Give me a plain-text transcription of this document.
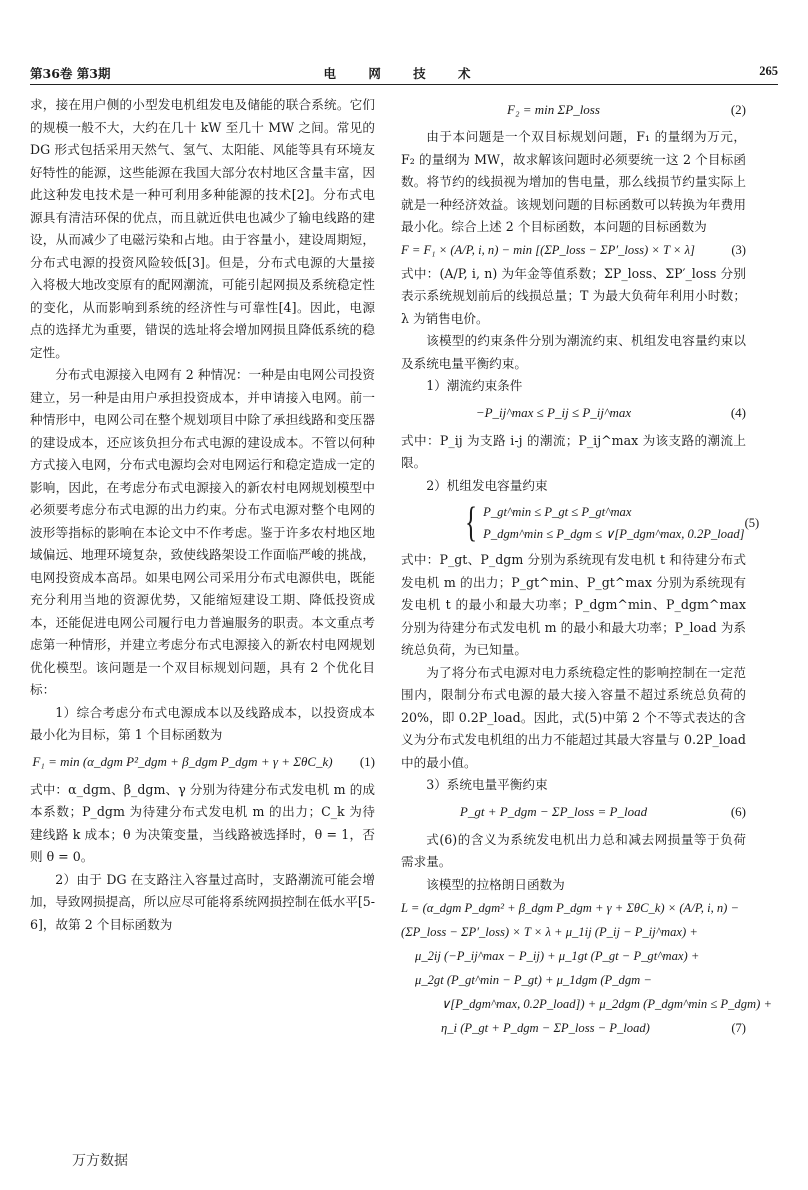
第36卷 第3期	电 网 技 术	265

求，接在用户侧的小型发电机组发电及储能的联合系统。它们的规模一般不大，大约在几十 kW 至几十 MW 之间。常见的 DG 形式包括采用天然气、氢气、太阳能、风能等具有环境友好特性的能源，这些能源在我国大部分农村地区含量丰富，因此这种发电技术是一种可利用多种能源的技术[2]。分布式电源具有清洁环保的优点，而且就近供电也减少了输电线路的建设，从而减少了电磁污染和占地。由于容量小，建设周期短，分布式电源的投资风险较低[3]。但是，分布式电源的大量接入将极大地改变原有的配网潮流，可能引起网损及系统稳定性的变化，从而影响到系统的经济性与可靠性[4]。因此，电源点的选择尤为重要，错误的选址将会增加网损且降低系统的稳定性。

分布式电源接入电网有 2 种情况：一种是由电网公司投资建立，另一种是由用户承担投资成本，并申请接入电网。前一种情形中，电网公司在整个规划项目中除了承担线路和变压器的建设成本，还应该负担分布式电源的建设成本。不管以何种方式接入电网，分布式电源均会对电网运行和稳定造成一定的影响，因此，在考虑分布式电源接入的新农村电网规划模型中必须要考虑分布式电源的出力约束。分布式电源对整个电网的波形等指标的影响在本论文中不作考虑。鉴于许多农村地区地域偏远、地理环境复杂，致使线路架设工作面临严峻的挑战，电网投资成本高昂。如果电网公司采用分布式电源供电，既能充分利用当地的资源优势，又能缩短建设工期、降低投资成本，还能促进电网公司履行电力普遍服务的职责。本文重点考虑第一种情形，并建立考虑分布式电源接入的新农村电网规划优化模型。该问题是一个双目标规划问题，具有 2 个优化目标：

1）综合考虑分布式电源成本以及线路成本，以投资成本最小化为目标，第 1 个目标函数为

F₁ = min (α_dgm P²_dgm + β_dgm P_dgm + γ + ΣθC_k)	(1)

式中：α_dgm、β_dgm、γ 分别为待建分布式发电机 m 的成本系数；P_dgm 为待建分布式发电机 m 的出力；C_k 为待建线路 k 成本；θ 为决策变量，当线路被选择时，θ = 1，否则 θ = 0。

2）由于 DG 在支路注入容量过高时，支路潮流可能会增加，导致网损提高，所以应尽可能将系统网损控制在低水平[5-6]，故第 2 个目标函数为

F₂ = min ΣP_loss	(2)

由于本问题是一个双目标规划问题，F₁ 的量纲为万元，F₂ 的量纲为 MW，故求解该问题时必须要统一这 2 个目标函数。将节约的线损视为增加的售电量，那么线损节约量实际上就是一种经济效益。该规划问题的目标函数可以转换为年费用最小化。综合上述 2 个目标函数，本问题的目标函数为

F = F₁ × (A/P, i, n) − min [(ΣP_loss − ΣP′_loss) × T × λ]	(3)

式中：(A/P, i, n) 为年金等值系数；ΣP_loss、ΣP′_loss 分别表示系统规划前后的线损总量；T 为最大负荷年利用小时数；λ 为销售电价。

该模型的约束条件分别为潮流约束、机组发电容量约束以及系统电量平衡约束。

1）潮流约束条件

−P_ij^max ≤ P_ij ≤ P_ij^max	(4)

式中：P_ij 为支路 i-j 的潮流；P_ij^max 为该支路的潮流上限。

2）机组发电容量约束

{ P_gt^min ≤ P_gt ≤ P_gt^max
P_dgm^min ≤ P_dgm ≤ ∨[P_dgm^max, 0.2P_load]
(5)

式中：P_gt、P_dgm 分别为系统现有发电机 t 和待建分布式发电机 m 的出力；P_gt^min、P_gt^max 分别为系统现有发电机 t 的最小和最大功率；P_dgm^min、P_dgm^max 分别为待建分布式发电机 m 的最小和最大功率；P_load 为系统总负荷，为已知量。

为了将分布式电源对电力系统稳定性的影响控制在一定范围内，限制分布式电源的最大接入容量不超过系统总负荷的 20%，即 0.2P_load。因此，式(5)中第 2 个不等式表达的含义为分布式发电机组的出力不能超过其最大容量与 0.2P_load 中的最小值。

3）系统电量平衡约束

P_gt + P_dgm − ΣP_loss = P_load	(6)

式(6)的含义为系统发电机出力总和减去网损量等于负荷需求量。

该模型的拉格朗日函数为

L = (α_dgm P_dgm² + β_dgm P_dgm + γ + ΣθC_k) × (A/P, i, n) −
(ΣP_loss − ΣP′_loss) × T × λ + μ_1ij (P_ij − P_ij^max) +
μ_2ij (−P_ij^max − P_ij) + μ_1gt (P_gt − P_gt^max) +
μ_2gt (P_gt^min − P_gt) + μ_1dgm (P_dgm −
∨[P_dgm^max, 0.2P_load]) + μ_2dgm (P_dgm^min ≤ P_dgm) +
η_i (P_gt + P_dgm − ΣP_loss − P_load)	(7)
万方数据
